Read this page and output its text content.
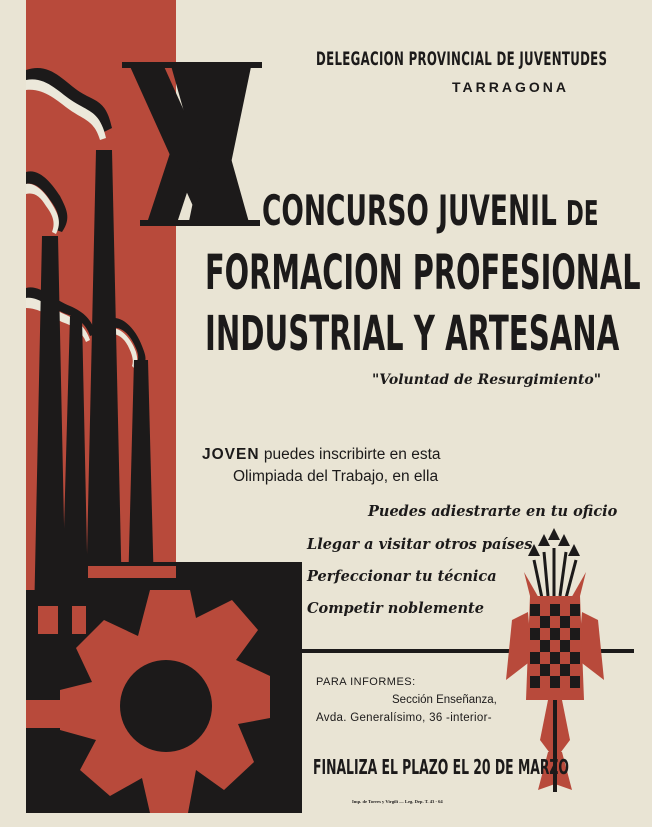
DELEGACION PROVINCIAL DE JUVENTUDES

TARRAGONA

CONCURSO JUVENIL DE

FORMACION PROFESIONAL

INDUSTRIAL Y ARTESANA

"Voluntad de Resurgimiento"

JOVEN puedes inscribirte en esta

Olimpiada del Trabajo, en ella

Puedes adiestrarte en tu oficio

Llegar a visitar otros países

Perfeccionar tu técnica

Competir noblemente

PARA INFORMES:

Sección Enseñanza,

Avda. Generalísimo, 36 -interior-

FINALIZA EL PLAZO EL 20 DE MARZO

Imp. de Torres y Virgili — Leg. Dep. T. 43 - 64
